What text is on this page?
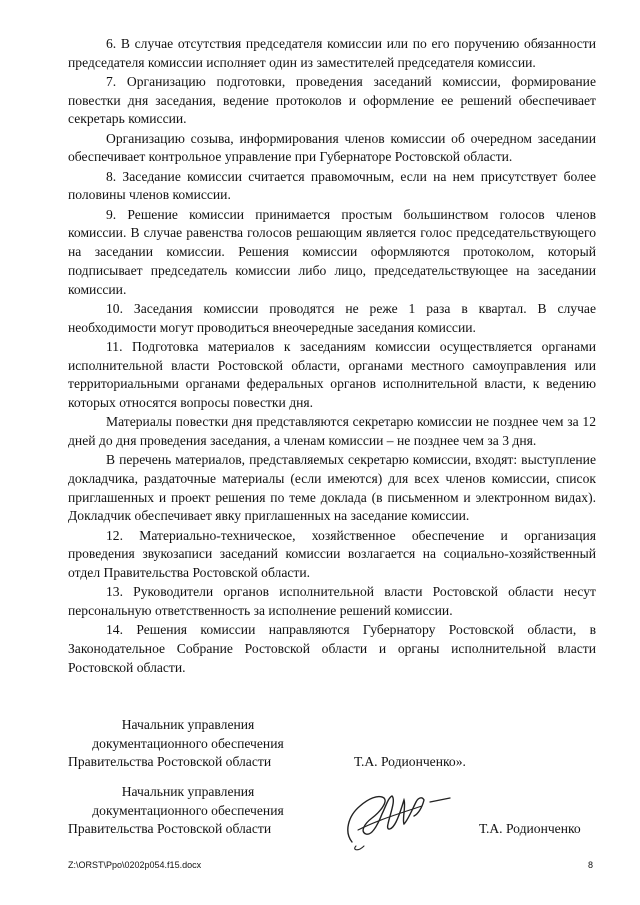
6. В случае отсутствия председателя комиссии или по его поручению обязанности председателя комиссии исполняет один из заместителей председателя комиссии.

7. Организацию подготовки, проведения заседаний комиссии, формирование повестки дня заседания, ведение протоколов и оформление ее решений обеспечивает секретарь комиссии.

Организацию созыва, информирования членов комиссии об очередном заседании обеспечивает контрольное управление при Губернаторе Ростовской области.

8. Заседание комиссии считается правомочным, если на нем присутствует более половины членов комиссии.

9. Решение комиссии принимается простым большинством голосов членов комиссии. В случае равенства голосов решающим является голос председательствующего на заседании комиссии. Решения комиссии оформляются протоколом, который подписывает председатель комиссии либо лицо, председательствующее на заседании комиссии.

10. Заседания комиссии проводятся не реже 1 раза в квартал. В случае необходимости могут проводиться внеочередные заседания комиссии.

11. Подготовка материалов к заседаниям комиссии осуществляется органами исполнительной власти Ростовской области, органами местного самоуправления или территориальными органами федеральных органов исполнительной власти, к ведению которых относятся вопросы повестки дня.

Материалы повестки дня представляются секретарю комиссии не позднее чем за 12 дней до дня проведения заседания, а членам комиссии – не позднее чем за 3 дня.

В перечень материалов, представляемых секретарю комиссии, входят: выступление докладчика, раздаточные материалы (если имеются) для всех членов комиссии, список приглашенных и проект решения по теме доклада (в письменном и электронном видах). Докладчик обеспечивает явку приглашенных на заседание комиссии.

12. Материально-техническое, хозяйственное обеспечение и организация проведения звукозаписи заседаний комиссии возлагается на социально-хозяйственный отдел Правительства Ростовской области.

13. Руководители органов исполнительной власти Ростовской области несут персональную ответственность за исполнение решений комиссии.

14. Решения комиссии направляются Губернатору Ростовской области, в Законодательное Собрание Ростовской области и органы исполнительной власти Ростовской области.

Начальник управления
документационного обеспечения
Правительства Ростовской области	Т.А. Родионченко».
Начальник управления
документационного обеспечения
Правительства Ростовской области	Т.А. Родионченко
Z:\ORST\Ppo\0202p054.f15.docx	8
